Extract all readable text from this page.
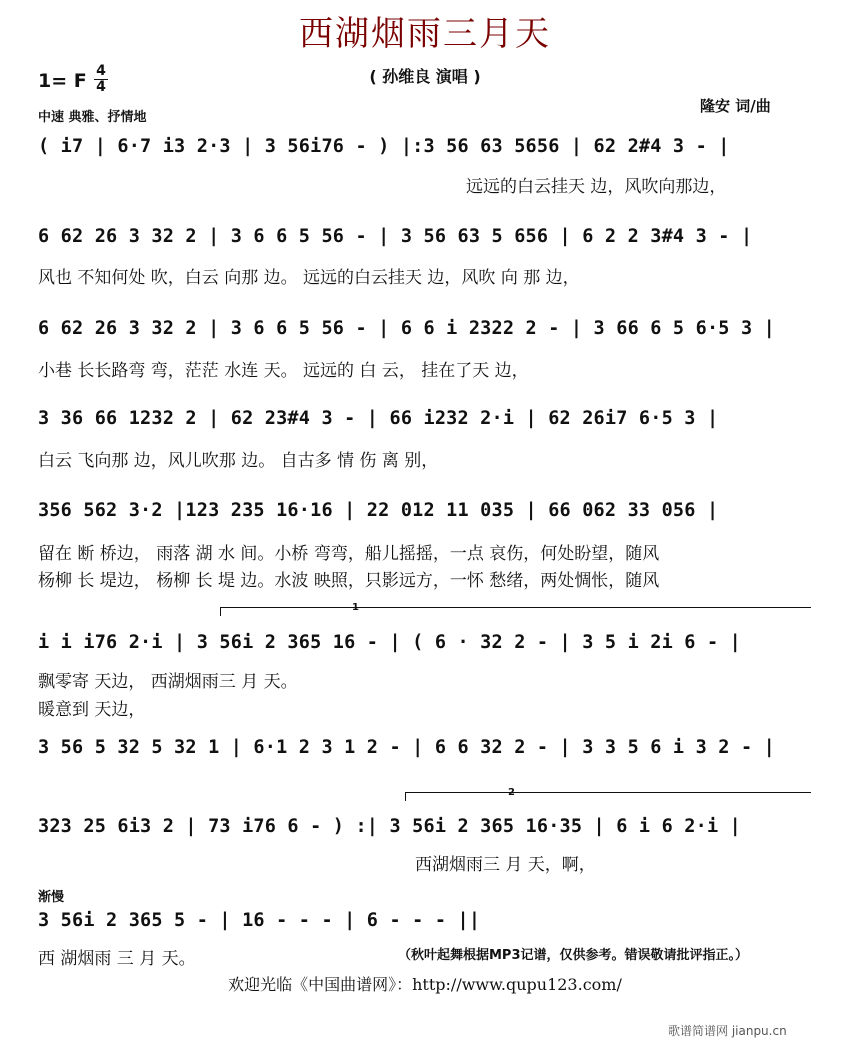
西湖烟雨三月天
( 孙维良 演唱 )
1= F 4
4
中速 典雅、抒情地
隆安 词/曲
( i7 | 6·7 i3 2·3 | 3 56i76 - ) |:3 56 63 5656 | 62 2#4 3 - |
远远的白云挂天 边，风吹向那边，
6 62 26 3 32 2 | 3 6 6 5 56 - | 3 56 63 5 656 | 6 2 2 3#4 3 - |
风也 不知何处 吹，白云 向那 边。 远远的白云挂天 边，风吹 向 那 边，
6 62 26 3 32 2 | 3 6 6 5 56 - | 6 6 i 2322 2 - | 3 66 6 5 6·5 3 |
小巷 长长路弯 弯，茫茫 水连 天。 远远的 白 云， 挂在了天 边，
3 36 66 1232 2 | 62 23#4 3 - | 66 i232 2·i | 62 26i7 6·5 3 |
白云 飞向那 边，风儿吹那 边。 自古多 情 伤 离 别，
356 562 3·2 |123 235 16·16 | 22 012 11 035 | 66 062 33 056 |
留在 断 桥边， 雨落 湖 水 间。小桥 弯弯，船儿摇摇，一点 哀伤，何处盼望，随风
杨柳 长 堤边， 杨柳 长 堤 边。水波 映照，只影远方，一怀 愁绪，两处惆怅，随风
1
i i i76 2·i | 3 56i 2 365 16 - | ( 6 · 32 2 - | 3 5 i 2i 6 - |
飘零寄 天边， 西湖烟雨三 月 天。
暖意到 天边，
3 56 5 32 5 32 1 | 6·1 2 3 1 2 - | 6 6 32 2 - | 3 3 5 6 i 3 2 - |
2
323 25 6i3 2 | 73 i76 6 - ) :| 3 56i 2 365 16·35 | 6 i 6 2·i |
西湖烟雨三 月 天，啊，
渐慢
3 56i 2 365 5 - | 16 - - - | 6 - - - ||
西 湖烟雨 三 月 天。	（秋叶起舞根据MP3记谱，仅供参考。错误敬请批评指正。）
欢迎光临《中国曲谱网》：http://www.qupu123.com/
歌谱简谱网 jianpu.cn
